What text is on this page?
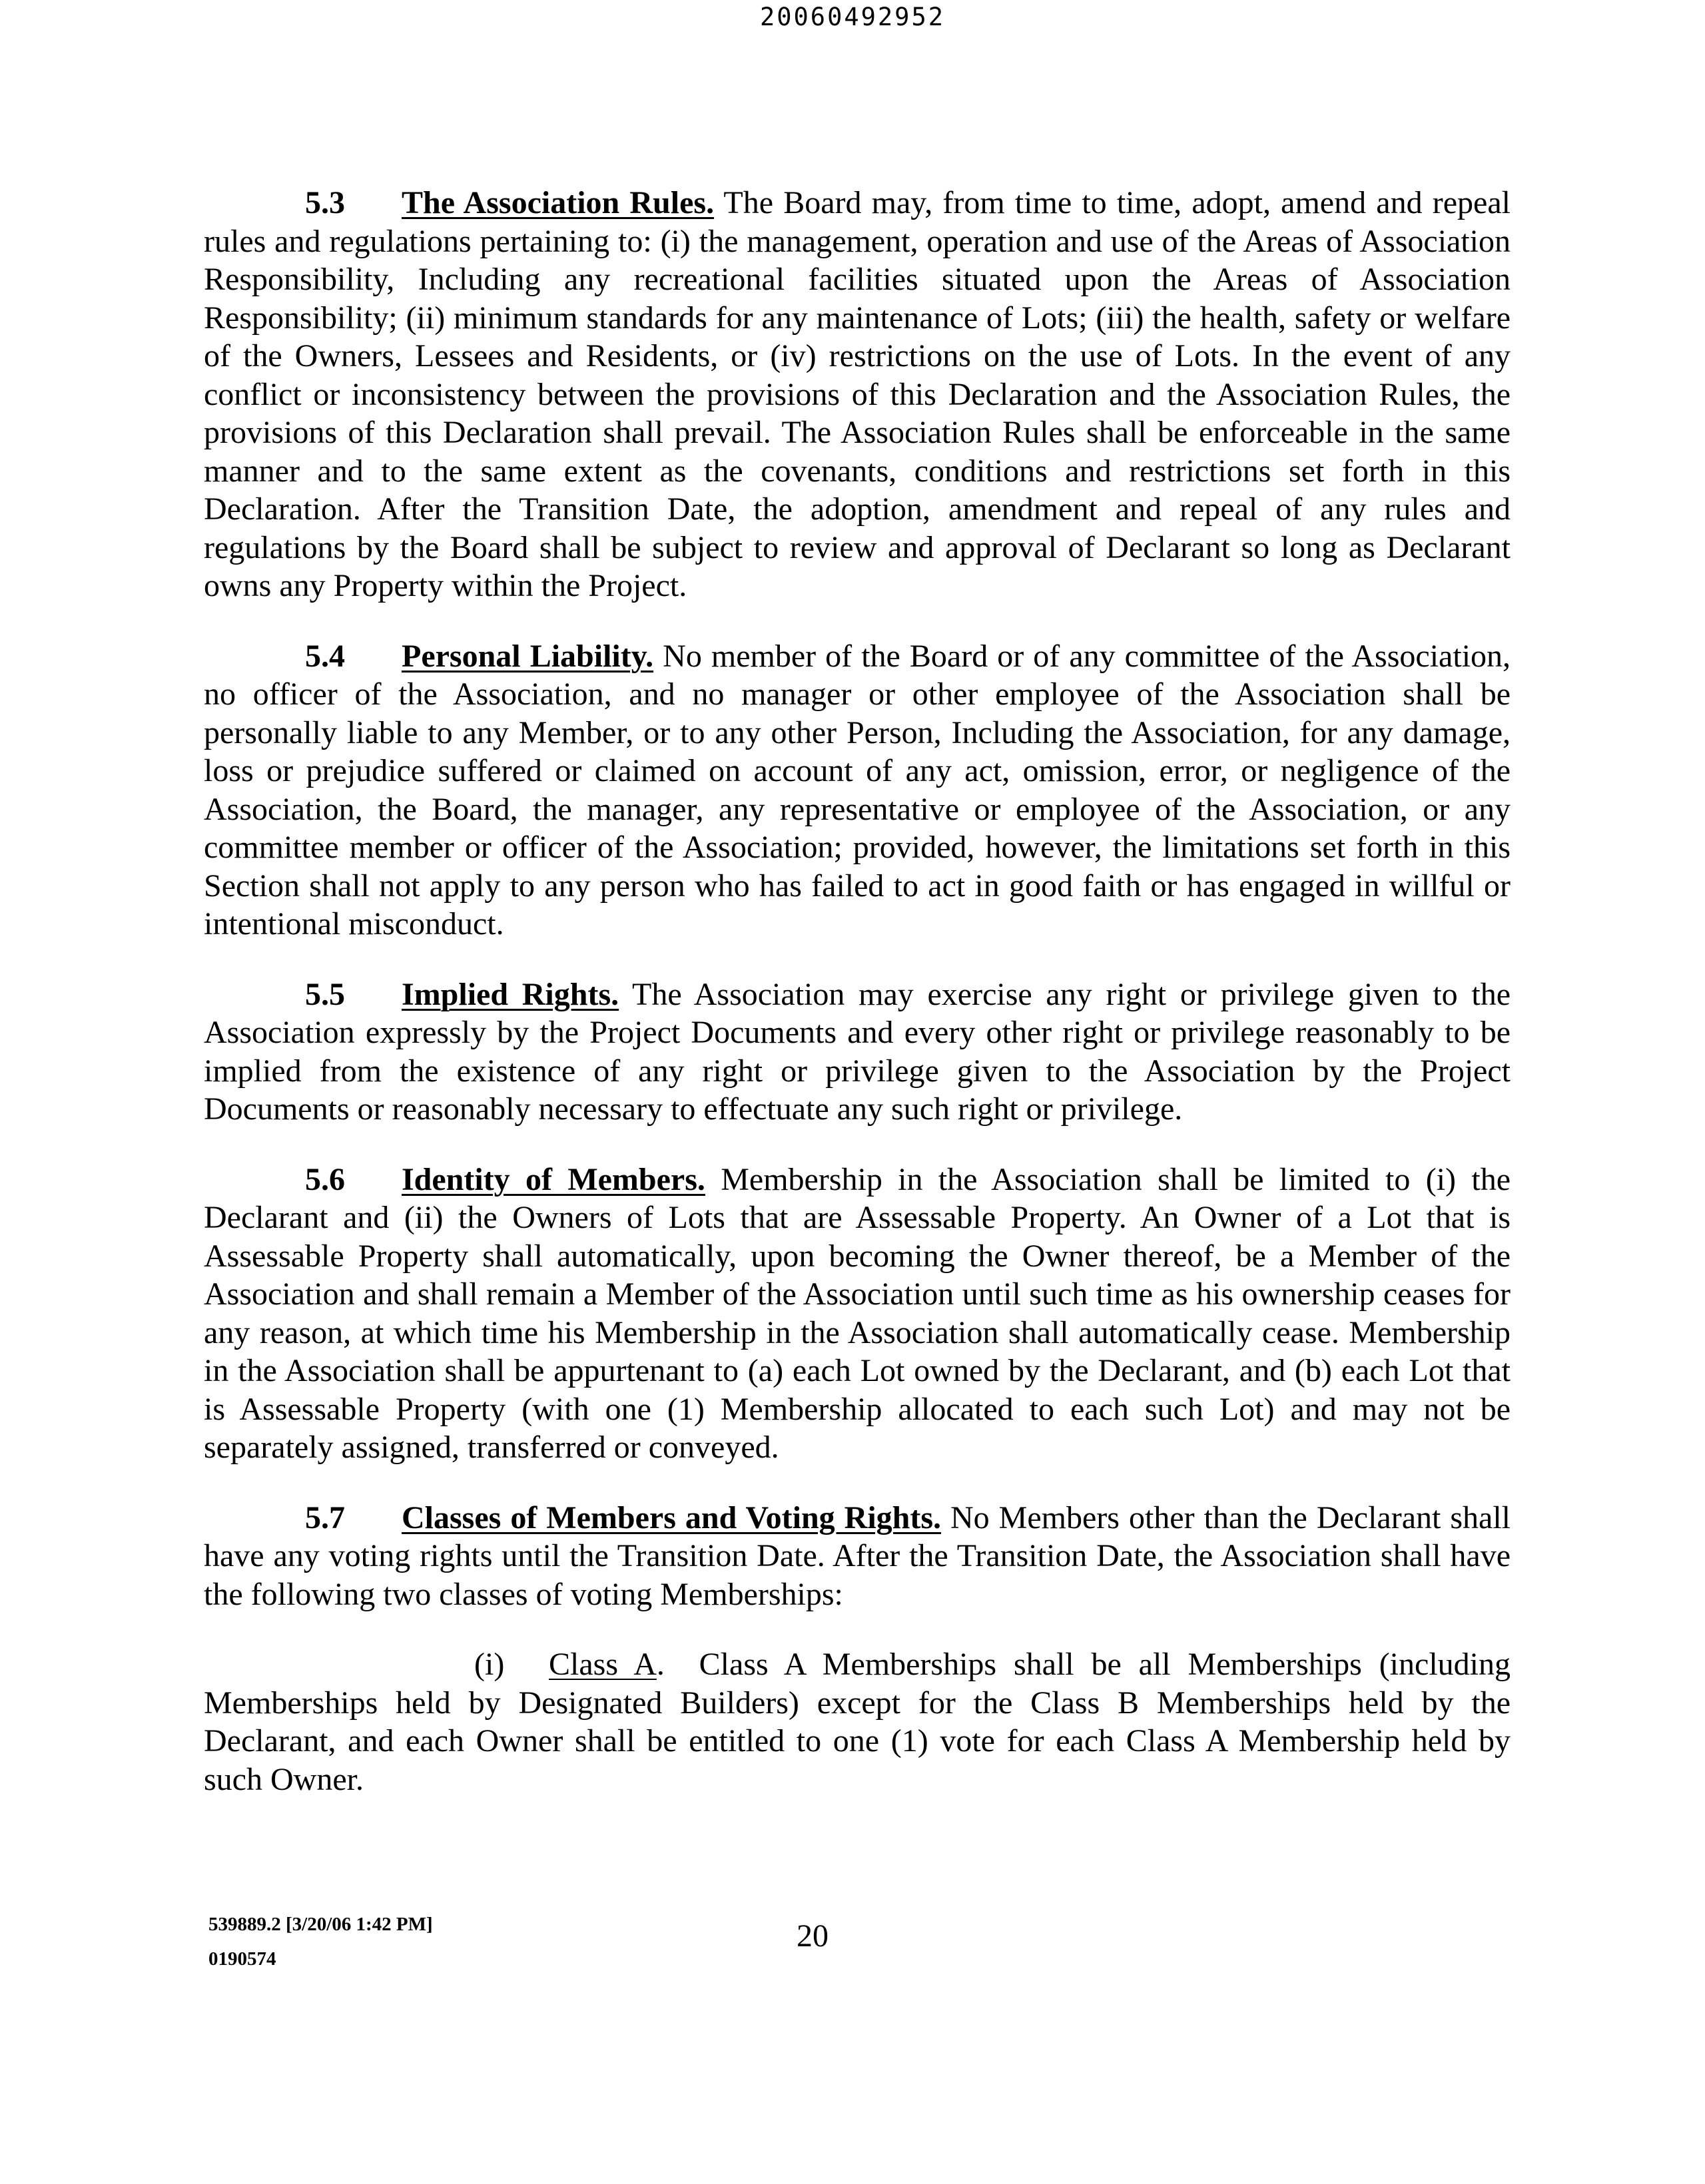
20060492952

5.3 The Association Rules. The Board may, from time to time, adopt, amend and repeal rules and regulations pertaining to: (i) the management, operation and use of the Areas of Association Responsibility, Including any recreational facilities situated upon the Areas of Association Responsibility; (ii) minimum standards for any maintenance of Lots; (iii) the health, safety or welfare of the Owners, Lessees and Residents, or (iv) restrictions on the use of Lots. In the event of any conflict or inconsistency between the provisions of this Declaration and the Association Rules, the provisions of this Declaration shall prevail. The Association Rules shall be enforceable in the same manner and to the same extent as the covenants, conditions and restrictions set forth in this Declaration. After the Transition Date, the adoption, amendment and repeal of any rules and regulations by the Board shall be subject to review and approval of Declarant so long as Declarant owns any Property within the Project.

5.4 Personal Liability. No member of the Board or of any committee of the Association, no officer of the Association, and no manager or other employee of the Association shall be personally liable to any Member, or to any other Person, Including the Association, for any damage, loss or prejudice suffered or claimed on account of any act, omission, error, or negligence of the Association, the Board, the manager, any representative or employee of the Association, or any committee member or officer of the Association; provided, however, the limitations set forth in this Section shall not apply to any person who has failed to act in good faith or has engaged in willful or intentional misconduct.

5.5 Implied Rights. The Association may exercise any right or privilege given to the Association expressly by the Project Documents and every other right or privilege reasonably to be implied from the existence of any right or privilege given to the Association by the Project Documents or reasonably necessary to effectuate any such right or privilege.

5.6 Identity of Members. Membership in the Association shall be limited to (i) the Declarant and (ii) the Owners of Lots that are Assessable Property. An Owner of a Lot that is Assessable Property shall automatically, upon becoming the Owner thereof, be a Member of the Association and shall remain a Member of the Association until such time as his ownership ceases for any reason, at which time his Membership in the Association shall automatically cease. Membership in the Association shall be appurtenant to (a) each Lot owned by the Declarant, and (b) each Lot that is Assessable Property (with one (1) Membership allocated to each such Lot) and may not be separately assigned, transferred or conveyed.

5.7 Classes of Members and Voting Rights. No Members other than the Declarant shall have any voting rights until the Transition Date. After the Transition Date, the Association shall have the following two classes of voting Memberships:

(i) Class A.  Class A Memberships shall be all Memberships (including Memberships held by Designated Builders) except for the Class B Memberships held by the Declarant, and each Owner shall be entitled to one (1) vote for each Class A Membership held by such Owner.

539889.2 [3/20/06 1:42 PM]
0190574
20
